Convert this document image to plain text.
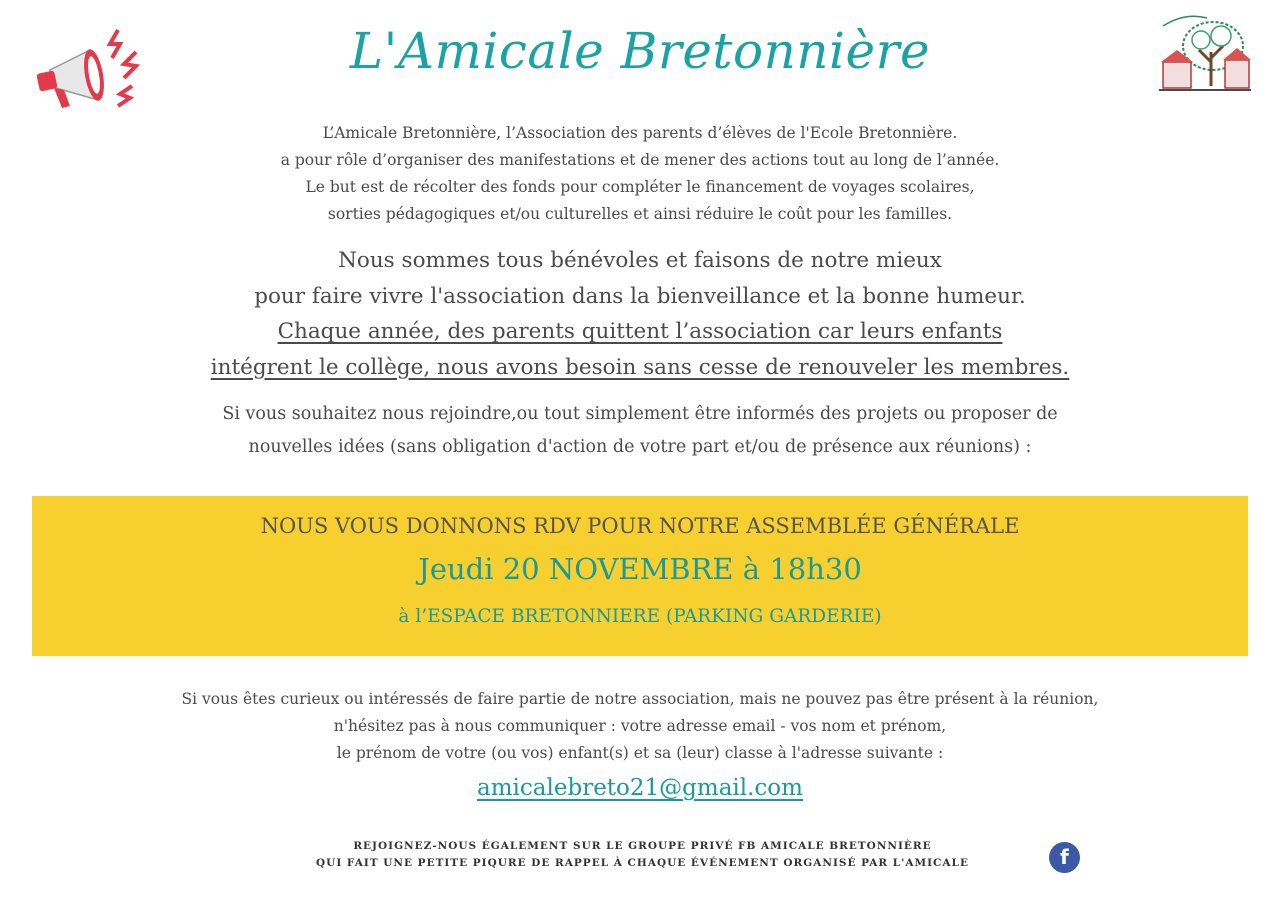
L'Amicale Bretonnière
L’Amicale Bretonnière, l’Association des parents d’élèves de l'Ecole Bretonnière.
a pour rôle d’organiser des manifestations et de mener des actions tout au long de l’année.
Le but est de récolter des fonds pour compléter le financement de voyages scolaires,
sorties pédagogiques et/ou culturelles et ainsi réduire le coût pour les familles.
Nous sommes tous bénévoles et faisons de notre mieux
pour faire vivre l'association dans la bienveillance et la bonne humeur.
Chaque année, des parents quittent l’association car leurs enfants
intégrent le collège, nous avons besoin sans cesse de renouveler les membres.
Si vous souhaitez nous rejoindre,ou tout simplement être informés des projets ou proposer de
nouvelles idées (sans obligation d'action de votre part et/ou de présence aux réunions) :
NOUS VOUS DONNONS RDV POUR NOTRE ASSEMBLÉE GÉNÉRALE
Jeudi 20 NOVEMBRE à 18h30
à l’ESPACE BRETONNIERE (PARKING GARDERIE)
Si vous êtes curieux ou intéressés de faire partie de notre association, mais ne pouvez pas être présent à la réunion,
n'hésitez pas à nous communiquer : votre adresse email - vos nom et prénom,
le prénom de votre (ou vos) enfant(s) et sa (leur) classe à l'adresse suivante :
amicalebreto21@gmail.com
REJOIGNEZ-NOUS ÉGALEMENT SUR LE GROUPE PRIVÉ FB AMICALE BRETONNIÈRE
QUI FAIT UNE PETITE PIQURE DE RAPPEL À CHAQUE ÉVÉNEMENT ORGANISÉ PAR L'AMICALE	f
